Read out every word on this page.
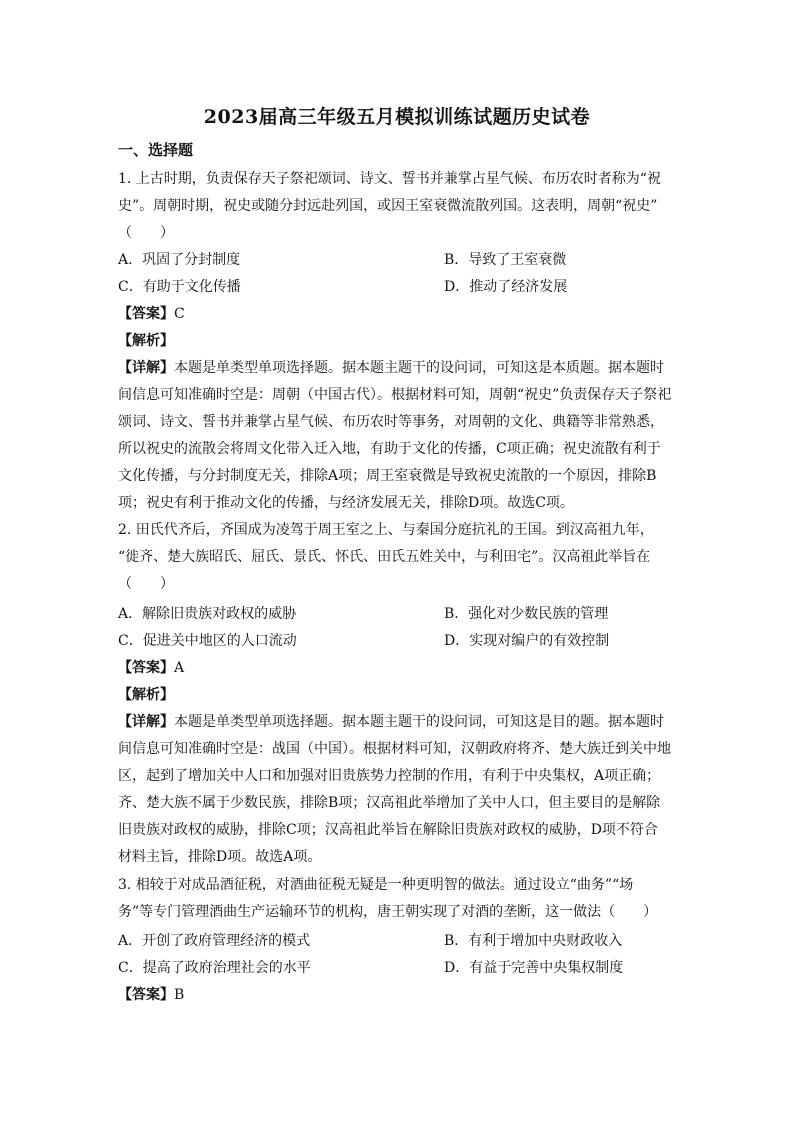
2023届高三年级五月模拟训练试题历史试卷
一、选择题
1. 上古时期，负责保存天子祭祀颂词、诗文、誓书并兼掌占星气候、布历农时者称为“祝
史”。周朝时期，祝史或随分封远赴列国，或因王室衰微流散列国。这表明，周朝“祝史”
（　　）
A．巩固了分封制度	B．导致了王室衰微
C．有助于文化传播	D．推动了经济发展
【答案】C
【解析】
【详解】本题是单类型单项选择题。据本题主题干的设问词，可知这是本质题。据本题时
间信息可知准确时空是：周朝（中国古代）。根据材料可知，周朝“祝史”负责保存天子祭祀
颂词、诗文、誓书并兼掌占星气候、布历农时等事务，对周朝的文化、典籍等非常熟悉，
所以祝史的流散会将周文化带入迁入地，有助于文化的传播，C项正确；祝史流散有利于
文化传播，与分封制度无关，排除A项；周王室衰微是导致祝史流散的一个原因，排除B
项；祝史有利于推动文化的传播，与经济发展无关，排除D项。故选C项。
2. 田氏代齐后，齐国成为凌驾于周王室之上、与秦国分庭抗礼的王国。到汉高祖九年，
“徙齐、楚大族昭氏、屈氏、景氏、怀氏、田氏五姓关中，与利田宅”。汉高祖此举旨在
（　　）
A．解除旧贵族对政权的威胁	B．强化对少数民族的管理
C．促进关中地区的人口流动	D．实现对编户的有效控制
【答案】A
【解析】
【详解】本题是单类型单项选择题。据本题主题干的设问词，可知这是目的题。据本题时
间信息可知准确时空是：战国（中国）。根据材料可知，汉朝政府将齐、楚大族迁到关中地
区，起到了增加关中人口和加强对旧贵族势力控制的作用，有利于中央集权，A项正确；
齐、楚大族不属于少数民族，排除B项；汉高祖此举增加了关中人口，但主要目的是解除
旧贵族对政权的威胁，排除C项；汉高祖此举旨在解除旧贵族对政权的威胁，D项不符合
材料主旨，排除D项。故选A项。
3. 相较于对成品酒征税，对酒曲征税无疑是一种更明智的做法。通过设立“曲务”“场
务”等专门管理酒曲生产运输环节的机构，唐王朝实现了对酒的垄断，这一做法（　　）
A．开创了政府管理经济的模式	B．有利于增加中央财政收入
C．提高了政府治理社会的水平	D．有益于完善中央集权制度
【答案】B
